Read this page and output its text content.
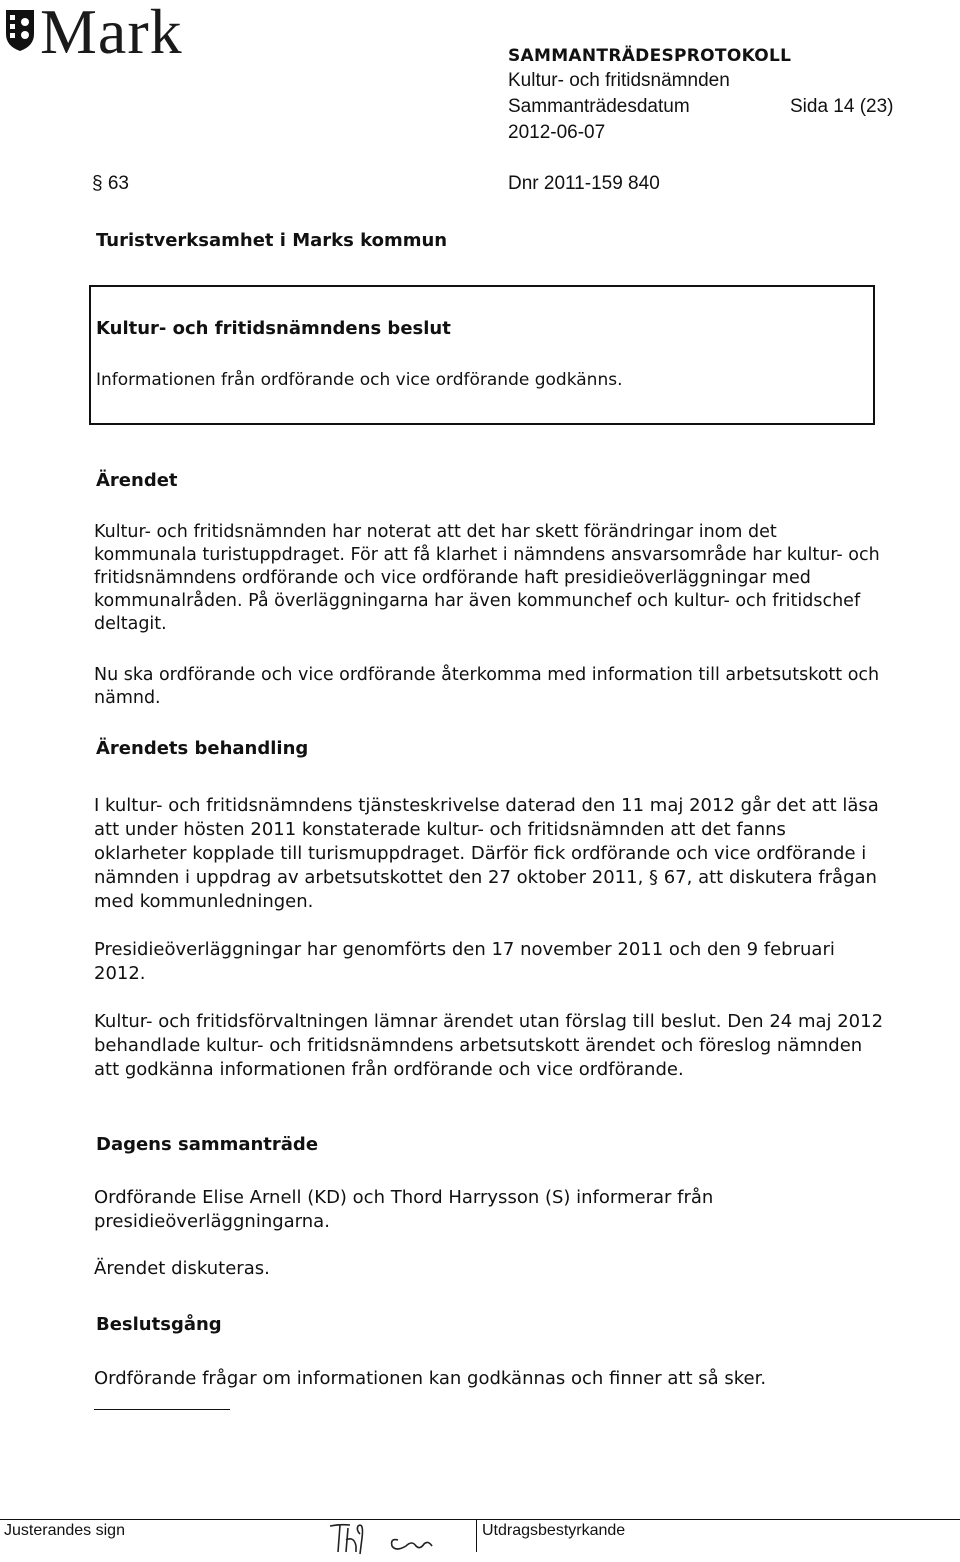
Mark	SAMMANTRÄDESPROTOKOLL
Kultur- och fritidsnämnden
Sammanträdesdatum	Sida 14 (23)
2012-06-07
§ 63	Dnr 2011-159 840
Turistverksamhet i Marks kommun
Kultur- och fritidsnämndens beslut
Informationen från ordförande och vice ordförande godkänns.
Ärendet

Kultur- och fritidsnämnden har noterat att det har skett förändringar inom det kommunala turistuppdraget. För att få klarhet i nämndens ansvarsområde har kultur- och fritidsnämndens ordförande och vice ordförande haft presidieöverläggningar med kommunalråden. På överläggningarna har även kommunchef och kultur- och fritidschef deltagit.

Nu ska ordförande och vice ordförande återkomma med information till arbetsutskott och nämnd.

Ärendets behandling

I kultur- och fritidsnämndens tjänsteskrivelse daterad den 11 maj 2012 går det att läsa att under hösten 2011 konstaterade kultur- och fritidsnämnden att det fanns oklarheter kopplade till turismuppdraget. Därför fick ordförande och vice ordförande i nämnden i uppdrag av arbetsutskottet den 27 oktober 2011, § 67, att diskutera frågan med kommunledningen.

Presidieöverläggningar har genomförts den 17 november 2011 och den 9 februari 2012.

Kultur- och fritidsförvaltningen lämnar ärendet utan förslag till beslut. Den 24 maj 2012 behandlade kultur- och fritidsnämndens arbetsutskott ärendet och föreslog nämnden att godkänna informationen från ordförande och vice ordförande.

Dagens sammanträde

Ordförande Elise Arnell (KD) och Thord Harrysson (S) informerar från presidieöverläggningarna.

Ärendet diskuteras.

Beslutsgång

Ordförande frågar om informationen kan godkännas och finner att så sker.

Justerandes sign	Utdragsbestyrkande
